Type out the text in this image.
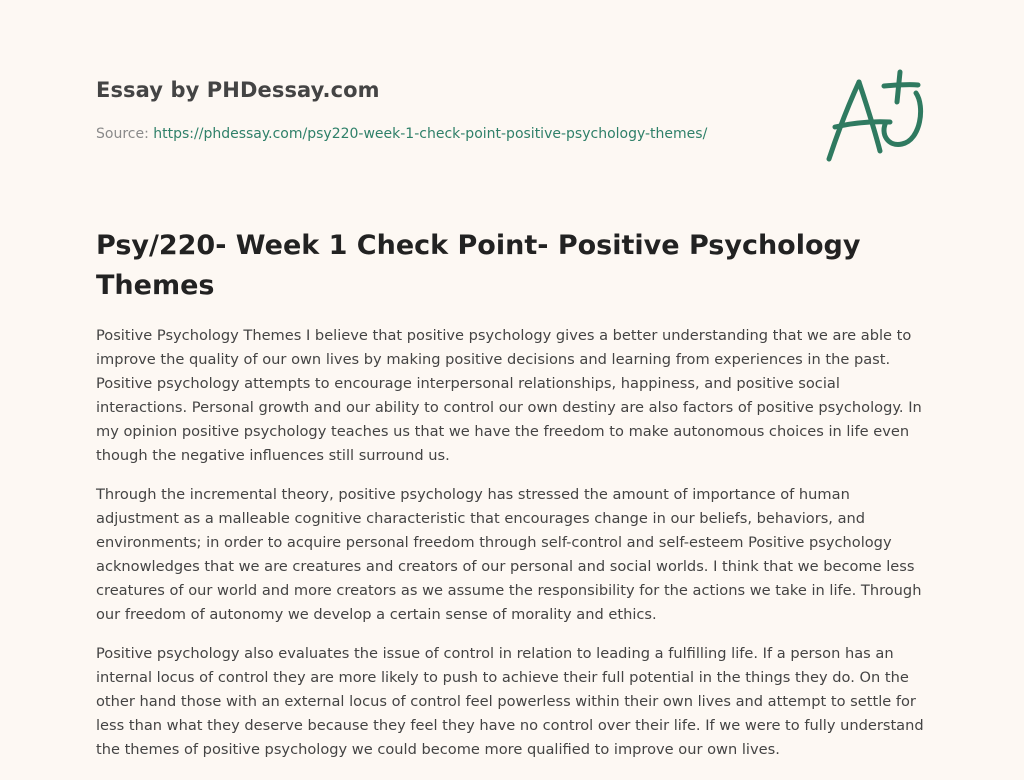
Essay by PHDessay.com
Source: https://phdessay.com/psy220-week-1-check-point-positive-psychology-themes/
Psy/220- Week 1 Check Point- Positive Psychology Themes

Positive Psychology Themes I believe that positive psychology gives a better understanding that we are able to improve the quality of our own lives by making positive decisions and learning from experiences in the past. Positive psychology attempts to encourage interpersonal relationships, happiness, and positive social interactions. Personal growth and our ability to control our own destiny are also factors of positive psychology. In my opinion positive psychology teaches us that we have the freedom to make autonomous choices in life even though the negative influences still surround us.

Through the incremental theory, positive psychology has stressed the amount of importance of human adjustment as a malleable cognitive characteristic that encourages change in our beliefs, behaviors, and environments; in order to acquire personal freedom through self-control and self-esteem Positive psychology acknowledges that we are creatures and creators of our personal and social worlds. I think that we become less creatures of our world and more creators as we assume the responsibility for the actions we take in life. Through our freedom of autonomy we develop a certain sense of morality and ethics.

Positive psychology also evaluates the issue of control in relation to leading a fulfilling life. If a person has an internal locus of control they are more likely to push to achieve their full potential in the things they do. On the other hand those with an external locus of control feel powerless within their own lives and attempt to settle for less than what they deserve because they feel they have no control over their life. If we were to fully understand the themes of positive psychology we could become more qualified to improve our own lives.
